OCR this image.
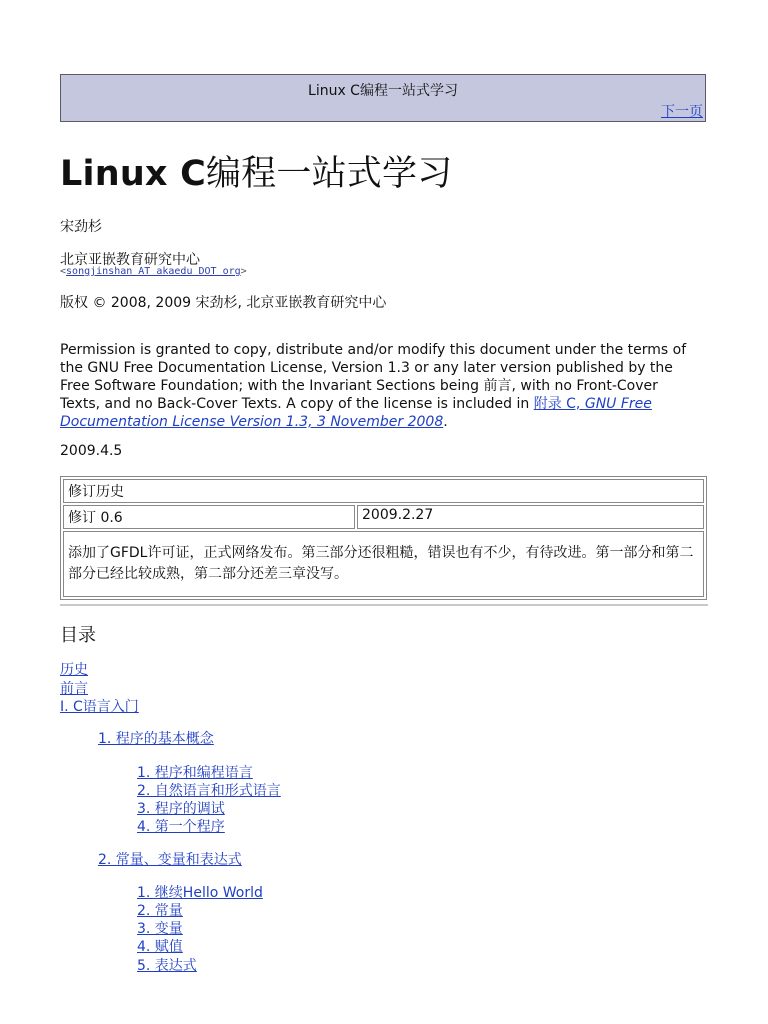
Linux C编程一站式学习
下一页
Linux C编程一站式学习
宋劲杉
北京亚嵌教育研究中心
<songjinshan AT akaedu DOT org>
版权 © 2008, 2009 宋劲杉, 北京亚嵌教育研究中心

Permission is granted to copy, distribute and/or modify this document under the terms of the GNU Free Documentation License, Version 1.3 or any later version published by the Free Software Foundation; with the Invariant Sections being 前言, with no Front-Cover Texts, and no Back-Cover Texts. A copy of the license is included in 附录 C, GNU Free Documentation License Version 1.3, 3 November 2008.

2009.4.5
修订历史
修订 0.6	2009.2.27
添加了GFDL许可证，正式网络发布。第三部分还很粗糙，错误也有不少，有待改进。第一部分和第二部分已经比较成熟，第二部分还差三章没写。
目录
历史
前言
I. C语言入门
1. 程序的基本概念
1. 程序和编程语言
2. 自然语言和形式语言
3. 程序的调试
4. 第一个程序
2. 常量、变量和表达式
1. 继续Hello World
2. 常量
3. 变量
4. 赋值
5. 表达式
